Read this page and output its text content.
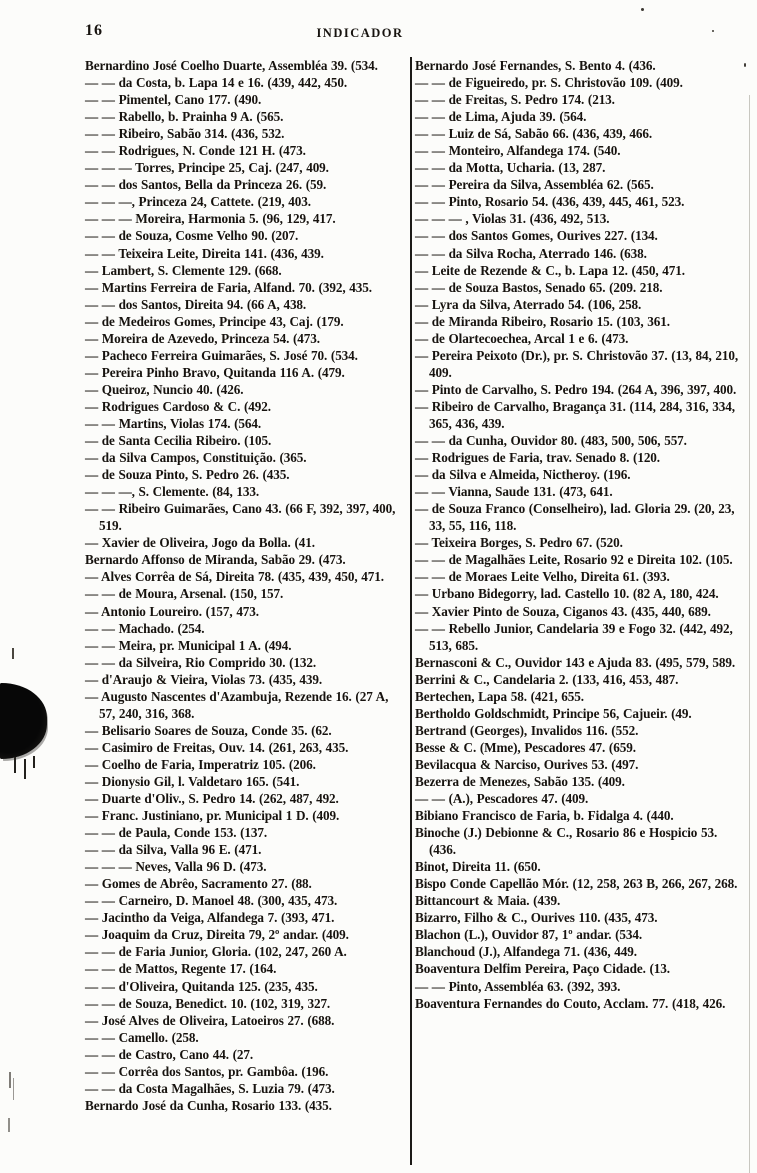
16	INDICADOR
Bernardino José Coelho Duarte, Assembléa 39. (534.
— — da Costa, b. Lapa 14 e 16. (439, 442, 450.
— — Pimentel, Cano 177. (490.
— — Rabello, b. Prainha 9 A. (565.
— — Ribeiro, Sabão 314. (436, 532.
— — Rodrigues, N. Conde 121 H. (473.
— — — Torres, Principe 25, Caj. (247, 409.
— — dos Santos, Bella da Princeza 26. (59.
— — —, Princeza 24, Cattete. (219, 403.
— — — Moreira, Harmonia 5. (96, 129, 417.
— — de Souza, Cosme Velho 90. (207.
— — Teixeira Leite, Direita 141. (436, 439.
— Lambert, S. Clemente 129. (668.
— Martins Ferreira de Faria, Alfand. 70. (392, 435.
— — dos Santos, Direita 94. (66 A, 438.
— de Medeiros Gomes, Principe 43, Caj. (179.
— Moreira de Azevedo, Princeza 54. (473.
— Pacheco Ferreira Guimarães, S. José 70. (534.
— Pereira Pinho Bravo, Quitanda 116 A. (479.
— Queiroz, Nuncio 40. (426.
— Rodrigues Cardoso & C. (492.
— — Martins, Violas 174. (564.
— de Santa Cecilia Ribeiro. (105.
— da Silva Campos, Constituição. (365.
— de Souza Pinto, S. Pedro 26. (435.
— — —, S. Clemente. (84, 133.
— — Ribeiro Guimarães, Cano 43. (66 F, 392, 397, 400, 519.
— Xavier de Oliveira, Jogo da Bolla. (41.
Bernardo Affonso de Miranda, Sabão 29. (473.
— Alves Corrêa de Sá, Direita 78. (435, 439, 450, 471.
— — de Moura, Arsenal. (150, 157.
— Antonio Loureiro. (157, 473.
— — Machado. (254.
— — Meira, pr. Municipal 1 A. (494.
— — da Silveira, Rio Comprido 30. (132.
— d'Araujo & Vieira, Violas 73. (435, 439.
— Augusto Nascentes d'Azambuja, Rezende 16. (27 A, 57, 240, 316, 368.
— Belisario Soares de Souza, Conde 35. (62.
— Casimiro de Freitas, Ouv. 14. (261, 263, 435.
— Coelho de Faria, Imperatriz 105. (206.
— Dionysio Gil, l. Valdetaro 165. (541.
— Duarte d'Oliv., S. Pedro 14. (262, 487, 492.
— Franc. Justiniano, pr. Municipal 1 D. (409.
— — de Paula, Conde 153. (137.
— — da Silva, Valla 96 E. (471.
— — — Neves, Valla 96 D. (473.
— Gomes de Abrêo, Sacramento 27. (88.
— — Carneiro, D. Manoel 48. (300, 435, 473.
— Jacintho da Veiga, Alfandega 7. (393, 471.
— Joaquim da Cruz, Direita 79, 2º andar. (409.
— — de Faria Junior, Gloria. (102, 247, 260 A.
— — de Mattos, Regente 17. (164.
— — d'Oliveira, Quitanda 125. (235, 435.
— — de Souza, Benedict. 10. (102, 319, 327.
— José Alves de Oliveira, Latoeiros 27. (688.
— — Camello. (258.
— — de Castro, Cano 44. (27.
— — Corrêa dos Santos, pr. Gambôa. (196.
— — da Costa Magalhães, S. Luzia 79. (473.
Bernardo José da Cunha, Rosario 133. (435.
Bernardo José Fernandes, S. Bento 4. (436.
— — de Figueiredo, pr. S. Christovão 109. (409.
— — de Freitas, S. Pedro 174. (213.
— — de Lima, Ajuda 39. (564.
— — Luiz de Sá, Sabão 66. (436, 439, 466.
— — Monteiro, Alfandega 174. (540.
— — da Motta, Ucharia. (13, 287.
— — Pereira da Silva, Assembléa 62. (565.
— — Pinto, Rosario 54. (436, 439, 445, 461, 523.
— — — , Violas 31. (436, 492, 513.
— — dos Santos Gomes, Ourives 227. (134.
— — da Silva Rocha, Aterrado 146. (638.
— Leite de Rezende & C., b. Lapa 12. (450, 471.
— — de Souza Bastos, Senado 65. (209. 218.
— Lyra da Silva, Aterrado 54. (106, 258.
— de Miranda Ribeiro, Rosario 15. (103, 361.
— de Olartecoechea, Arcal 1 e 6. (473.
— Pereira Peixoto (Dr.), pr. S. Christovão 37. (13, 84, 210, 409.
— Pinto de Carvalho, S. Pedro 194. (264 A, 396, 397, 400.
— Ribeiro de Carvalho, Bragança 31. (114, 284, 316, 334, 365, 436, 439.
— — da Cunha, Ouvidor 80. (483, 500, 506, 557.
— Rodrigues de Faria, trav. Senado 8. (120.
— da Silva e Almeida, Nictheroy. (196.
— — Vianna, Saude 131. (473, 641.
— de Souza Franco (Conselheiro), lad. Gloria 29. (20, 23, 33, 55, 116, 118.
— Teixeira Borges, S. Pedro 67. (520.
— — de Magalhães Leite, Rosario 92 e Direita 102. (105.
— — de Moraes Leite Velho, Direita 61. (393.
— Urbano Bidegorry, lad. Castello 10. (82 A, 180, 424.
— Xavier Pinto de Souza, Ciganos 43. (435, 440, 689.
— — Rebello Junior, Candelaria 39 e Fogo 32. (442, 492, 513, 685.
Bernasconi & C., Ouvidor 143 e Ajuda 83. (495, 579, 589.
Berrini & C., Candelaria 2. (133, 416, 453, 487.
Bertechen, Lapa 58. (421, 655.
Bertholdo Goldschmidt, Principe 56, Cajueir. (49.
Bertrand (Georges), Invalidos 116. (552.
Besse & C. (Mme), Pescadores 47. (659.
Bevilacqua & Narciso, Ourives 53. (497.
Bezerra de Menezes, Sabão 135. (409.
— — (A.), Pescadores 47. (409.
Bibiano Francisco de Faria, b. Fidalga 4. (440.
Binoche (J.) Debionne & C., Rosario 86 e Hospicio 53. (436.
Binot, Direita 11. (650.
Bispo Conde Capellão Mór. (12, 258, 263 B, 266, 267, 268.
Bittancourt & Maia. (439.
Bizarro, Filho & C., Ourives 110. (435, 473.
Blachon (L.), Ouvidor 87, 1º andar. (534.
Blanchoud (J.), Alfandega 71. (436, 449.
Boaventura Delfim Pereira, Paço Cidade. (13.
— — Pinto, Assembléa 63. (392, 393.
Boaventura Fernandes do Couto, Acclam. 77. (418, 426.
